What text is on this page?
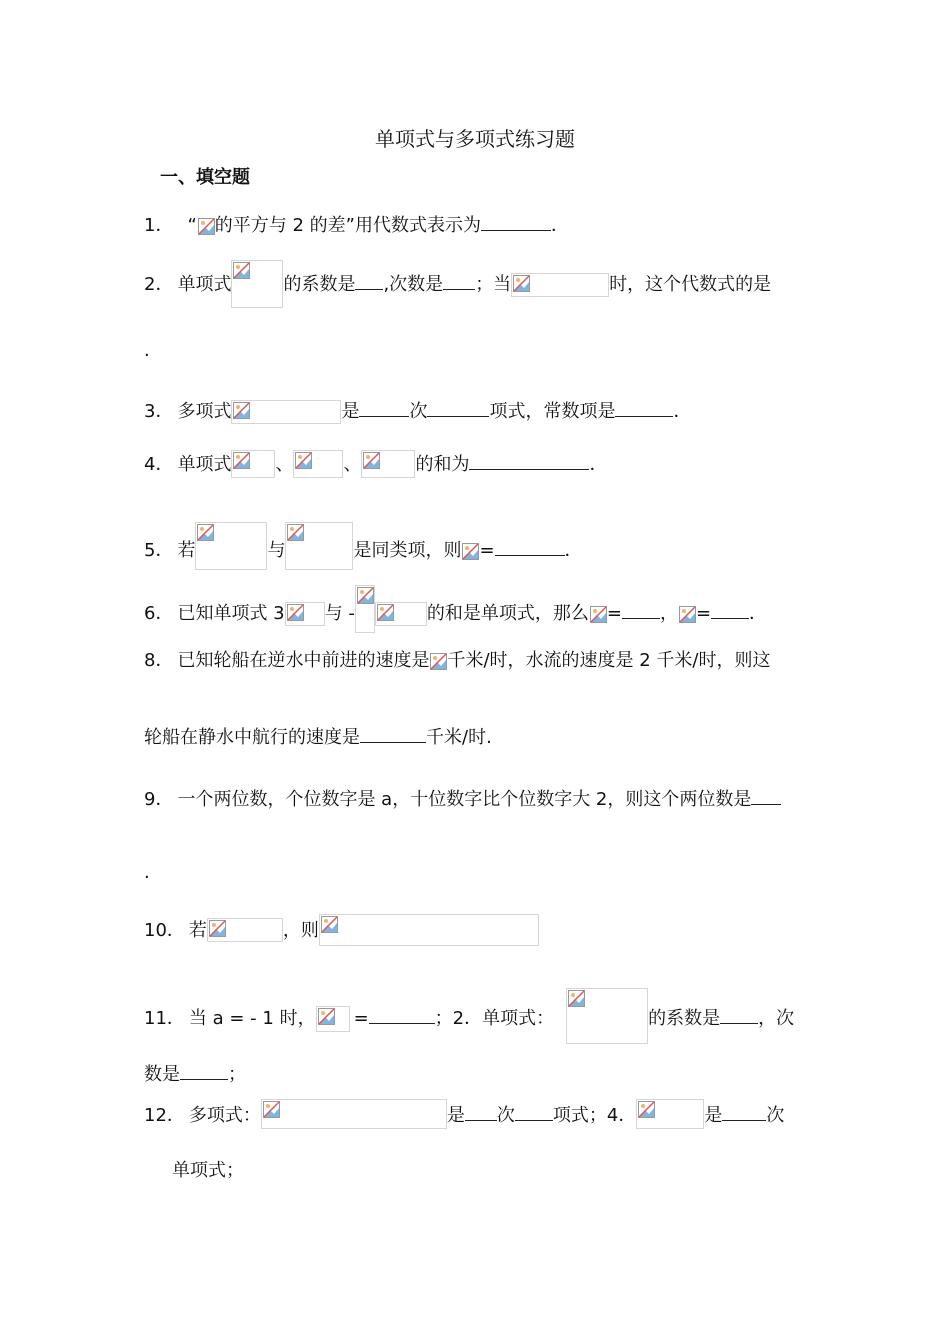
单项式与多项式练习题
一、填空题
1． “ 的平方与 2 的差”用代数式表示为	．
2． 单项式	的系数是 ,次数是 ；当	时，这个代数式的是
.
3． 多项式	是	次	项式，常数项是	．
4． 单项式 、	、	的和为	．
5． 若	与	是同类项，则 =	．
6． 已知单项式 3 与 -	的和是单项式，那么 = ， = ．
8． 已知轮船在逆水中前进的速度是 千米/时，水流的速度是 2 千米/时，则这
轮船在静水中航行的速度是	千米/时.
9． 一个两位数，个位数字是 a，十位数字比个位数字大 2，则这个两位数是
.
10． 若	，则
11． 当 a = - 1 时， =	；2．单项式：	的系数是 ，次
数是	；
12． 多项式：	是 次 项式；4．	是 次
单项式；
